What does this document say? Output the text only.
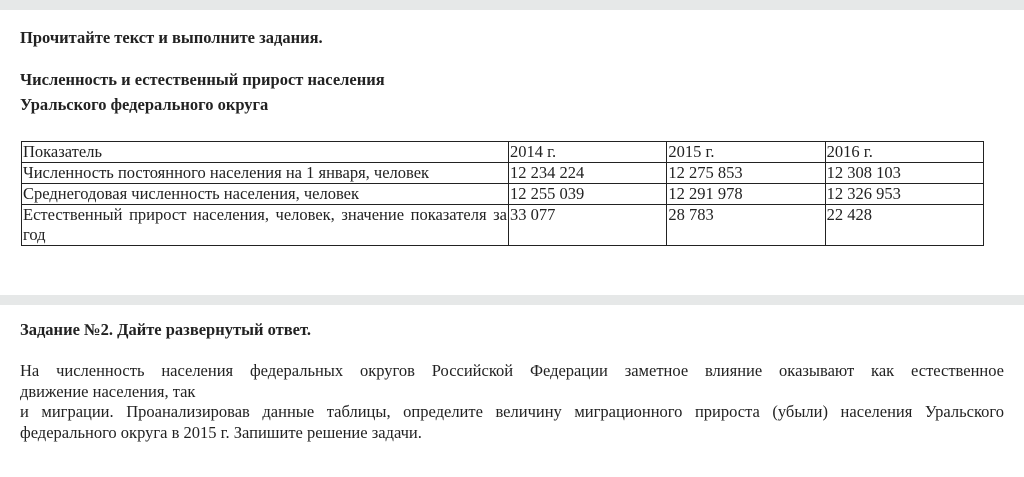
Прочитайте текст и выполните задания.

Численность и естественный прирост населения
Уральского федерального округа

Показатель	2014 г.	2015 г.	2016 г.
Численность постоянного населения на 1 января, человек	12 234 224	12 275 853	12 308 103
Среднегодовая численность населения, человек	12 255 039	12 291 978	12 326 953
Естественный прирост населения, человек, значение показателя за год	33 077	28 783	22 428

Задание №2. Дайте развернутый ответ.

На численность населения федеральных округов Российской Федерации заметное влияние оказывают как естественное
движение населения, так
и миграции. Проанализировав данные таблицы, определите величину миграционного прироста (убыли) населения Уральского
федерального округа в 2015 г. Запишите решение задачи.
